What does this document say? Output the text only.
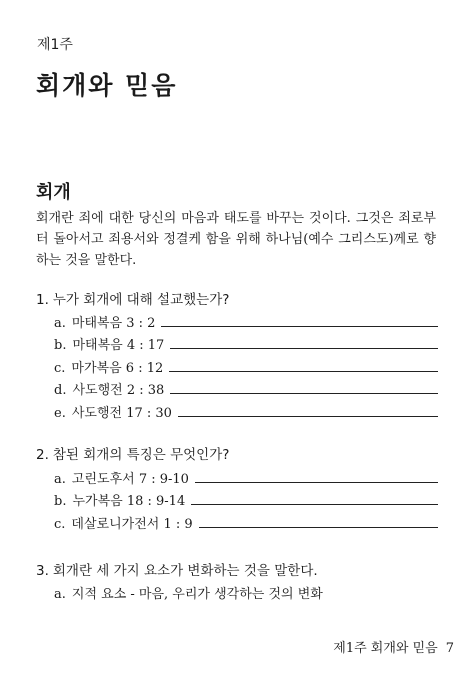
제1주
회개와 믿음
회개

회개란 죄에 대한 당신의 마음과 태도를 바꾸는 것이다. 그것은 죄로부터 돌아서고 죄용서와 정결케 함을 위해 하나님(예수 그리스도)께로 향하는 것을 말한다.

1. 누가 회개에 대해 설교했는가?
a. 마태복음 3 : 2
b. 마태복음 4 : 17
c. 마가복음 6 : 12
d. 사도행전 2 : 38
e. 사도행전 17 : 30
2. 참된 회개의 특징은 무엇인가?
a. 고린도후서 7 : 9-10
b. 누가복음 18 : 9-14
c. 데살로니가전서 1 : 9
3. 회개란 세 가지 요소가 변화하는 것을 말한다.
a. 지적 요소 - 마음, 우리가 생각하는 것의 변화
제1주 회개와 믿음 7
